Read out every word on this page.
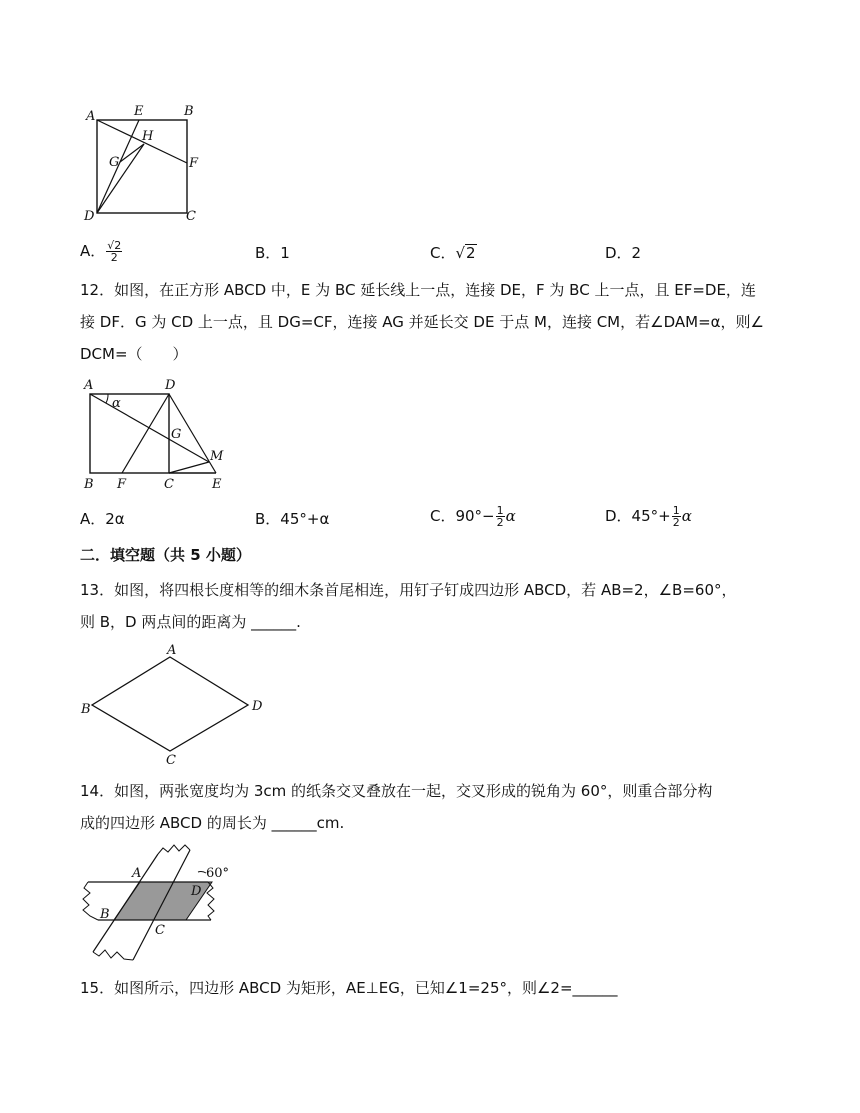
A	E	B
H
G	F
D	C
A． $\frac{√2}{2}$	B．1	C．√2	D．2
12．如图，在正方形 ABCD 中，E 为 BC 延长线上一点，连接 DE，F 为 BC 上一点，且 EF=DE，连
接 DF．G 为 CD 上一点，且 DG=CF，连接 AG 并延长交 DE 于点 M，连接 CM，若∠DAM=α，则∠
DCM=（　　）
A	D
α
G
M
B F	C	E
A．2α	B．45°+α	C．$90^\circ- \frac{1}{2}$ α	D．$45^\circ+ \frac{1}{2}$ α
二．填空题（共 5 小题）
13．如图，将四根长度相等的细木条首尾相连，用钉子钉成四边形 ABCD，若 AB=2，∠B=60°，
则 B，D 两点间的距离为 ______.
A
B
C
D
14．如图，两张宽度均为 3cm 的纸条交叉叠放在一起，交叉形成的锐角为 60°，则重合部分构
成的四边形 ABCD 的周长为 ______cm.
A
D
B
C
60°
15．如图所示，四边形 ABCD 为矩形，AE⊥EG，已知∠1=25°，则∠2=______
